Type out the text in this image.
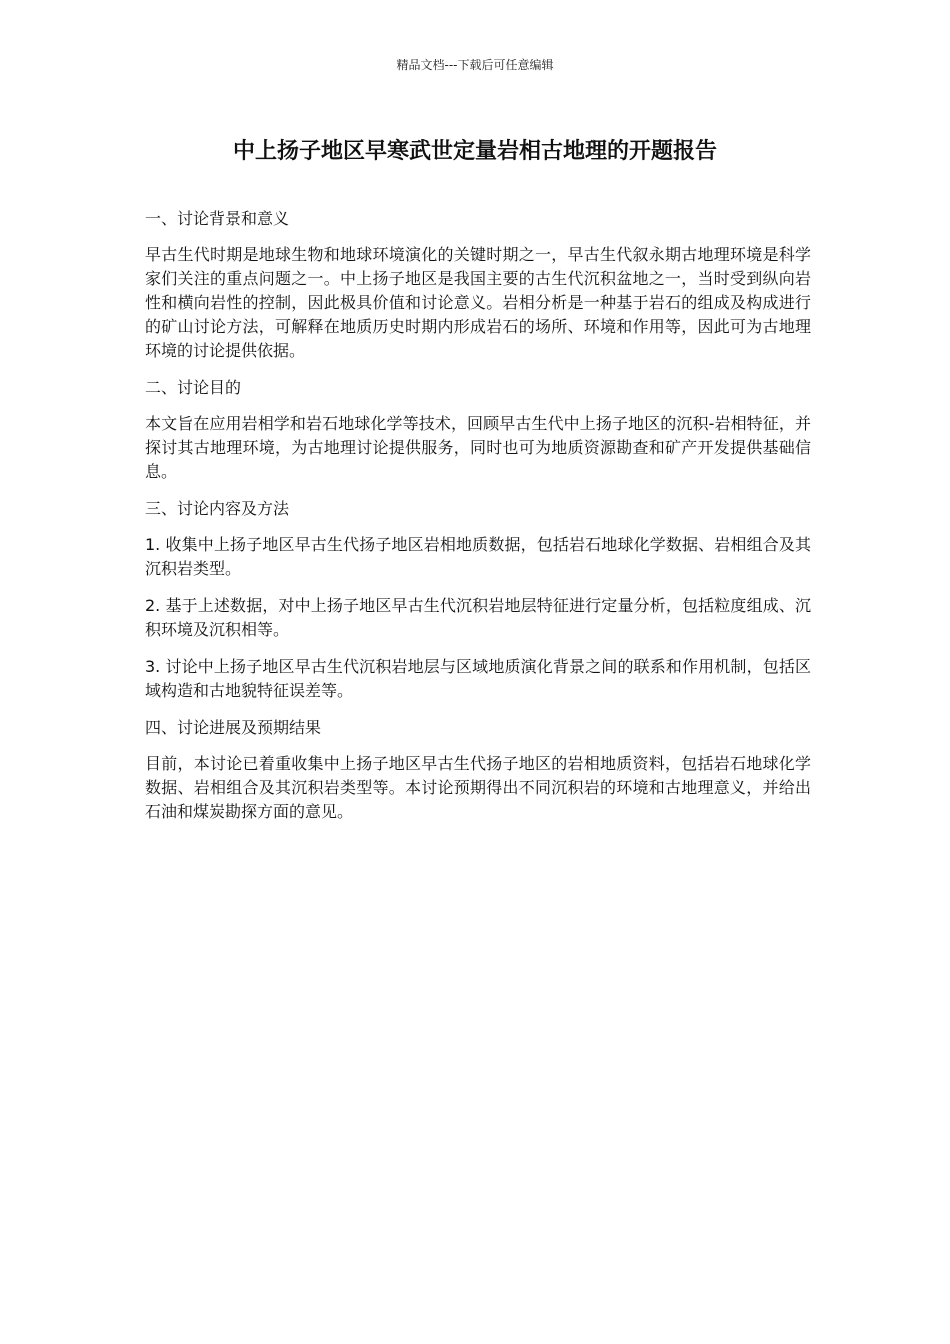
精品文档---下载后可任意编辑
中上扬子地区早寒武世定量岩相古地理的开题报告

一、讨论背景和意义

早古生代时期是地球生物和地球环境演化的关键时期之一，早古生代叙永期古地理环境是科学家们关注的重点问题之一。中上扬子地区是我国主要的古生代沉积盆地之一，当时受到纵向岩性和横向岩性的控制，因此极具价值和讨论意义。岩相分析是一种基于岩石的组成及构成进行的矿山讨论方法，可解释在地质历史时期内形成岩石的场所、环境和作用等，因此可为古地理环境的讨论提供依据。

二、讨论目的

本文旨在应用岩相学和岩石地球化学等技术，回顾早古生代中上扬子地区的沉积-岩相特征，并探讨其古地理环境，为古地理讨论提供服务，同时也可为地质资源勘查和矿产开发提供基础信息。

三、讨论内容及方法

1. 收集中上扬子地区早古生代扬子地区岩相地质数据，包括岩石地球化学数据、岩相组合及其沉积岩类型。

2. 基于上述数据，对中上扬子地区早古生代沉积岩地层特征进行定量分析，包括粒度组成、沉积环境及沉积相等。

3. 讨论中上扬子地区早古生代沉积岩地层与区域地质演化背景之间的联系和作用机制，包括区域构造和古地貌特征误差等。

四、讨论进展及预期结果

目前，本讨论已着重收集中上扬子地区早古生代扬子地区的岩相地质资料，包括岩石地球化学数据、岩相组合及其沉积岩类型等。本讨论预期得出不同沉积岩的环境和古地理意义，并给出石油和煤炭勘探方面的意见。
